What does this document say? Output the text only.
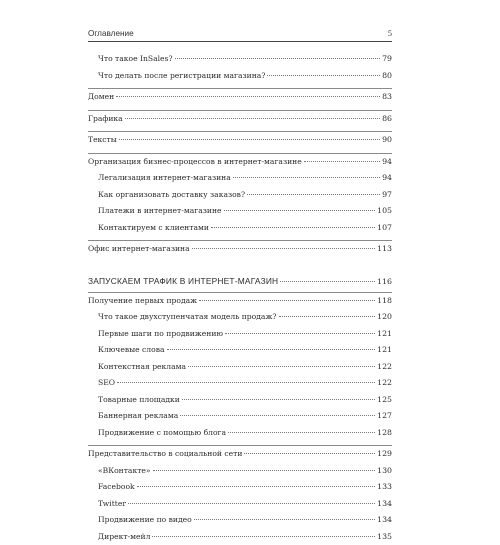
Оглавление	5
Что такое InSales?	79
Что делать после регистрации магазина?	80
Домен	83
Графика	86
Тексты	90
Организация бизнес-процессов в интернет-магазине	94
Легализация интернет-магазина	94
Как организовать доставку заказов?	97
Платежи в интернет-магазине	105
Контактируем с клиентами	107
Офис интернет-магазина	113
ЗАПУСКАЕМ ТРАФИК В ИНТЕРНЕТ-МАГАЗИН	116
Получение первых продаж	118
Что такое двухступенчатая модель продаж?	120
Первые шаги по продвижению	121
Ключевые слова	121
Контекстная реклама	122
SEO	122
Товарные площадки	125
Баннерная реклама	127
Продвижение с помощью блога	128
Представительство в социальной сети	129
«ВКонтакте»	130
Facebook	133
Twitter	134
Продвижение по видео	134
Директ-мейл	135
